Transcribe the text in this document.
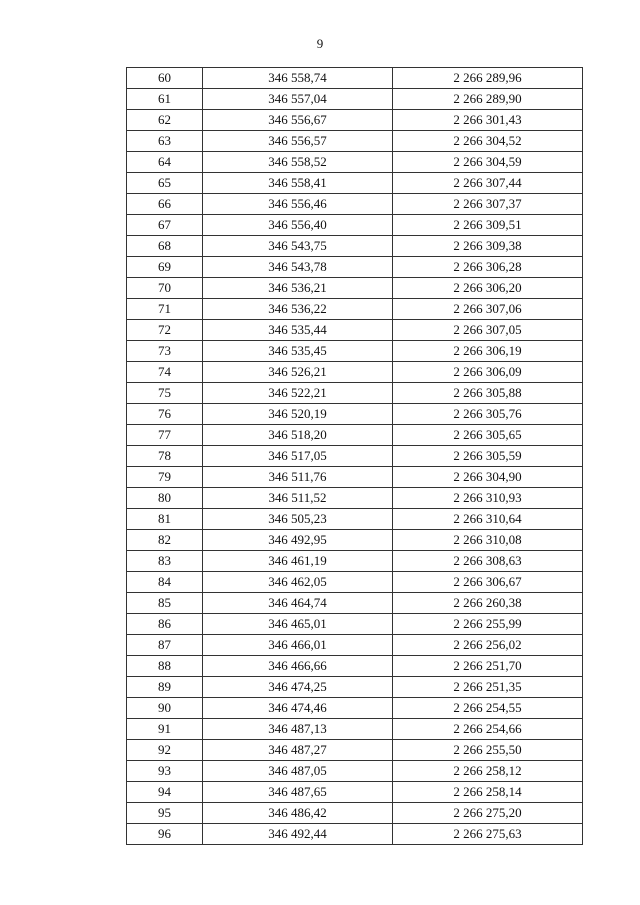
9
60	346 558,74	2 266 289,96
61	346 557,04	2 266 289,90
62	346 556,67	2 266 301,43
63	346 556,57	2 266 304,52
64	346 558,52	2 266 304,59
65	346 558,41	2 266 307,44
66	346 556,46	2 266 307,37
67	346 556,40	2 266 309,51
68	346 543,75	2 266 309,38
69	346 543,78	2 266 306,28
70	346 536,21	2 266 306,20
71	346 536,22	2 266 307,06
72	346 535,44	2 266 307,05
73	346 535,45	2 266 306,19
74	346 526,21	2 266 306,09
75	346 522,21	2 266 305,88
76	346 520,19	2 266 305,76
77	346 518,20	2 266 305,65
78	346 517,05	2 266 305,59
79	346 511,76	2 266 304,90
80	346 511,52	2 266 310,93
81	346 505,23	2 266 310,64
82	346 492,95	2 266 310,08
83	346 461,19	2 266 308,63
84	346 462,05	2 266 306,67
85	346 464,74	2 266 260,38
86	346 465,01	2 266 255,99
87	346 466,01	2 266 256,02
88	346 466,66	2 266 251,70
89	346 474,25	2 266 251,35
90	346 474,46	2 266 254,55
91	346 487,13	2 266 254,66
92	346 487,27	2 266 255,50
93	346 487,05	2 266 258,12
94	346 487,65	2 266 258,14
95	346 486,42	2 266 275,20
96	346 492,44	2 266 275,63
